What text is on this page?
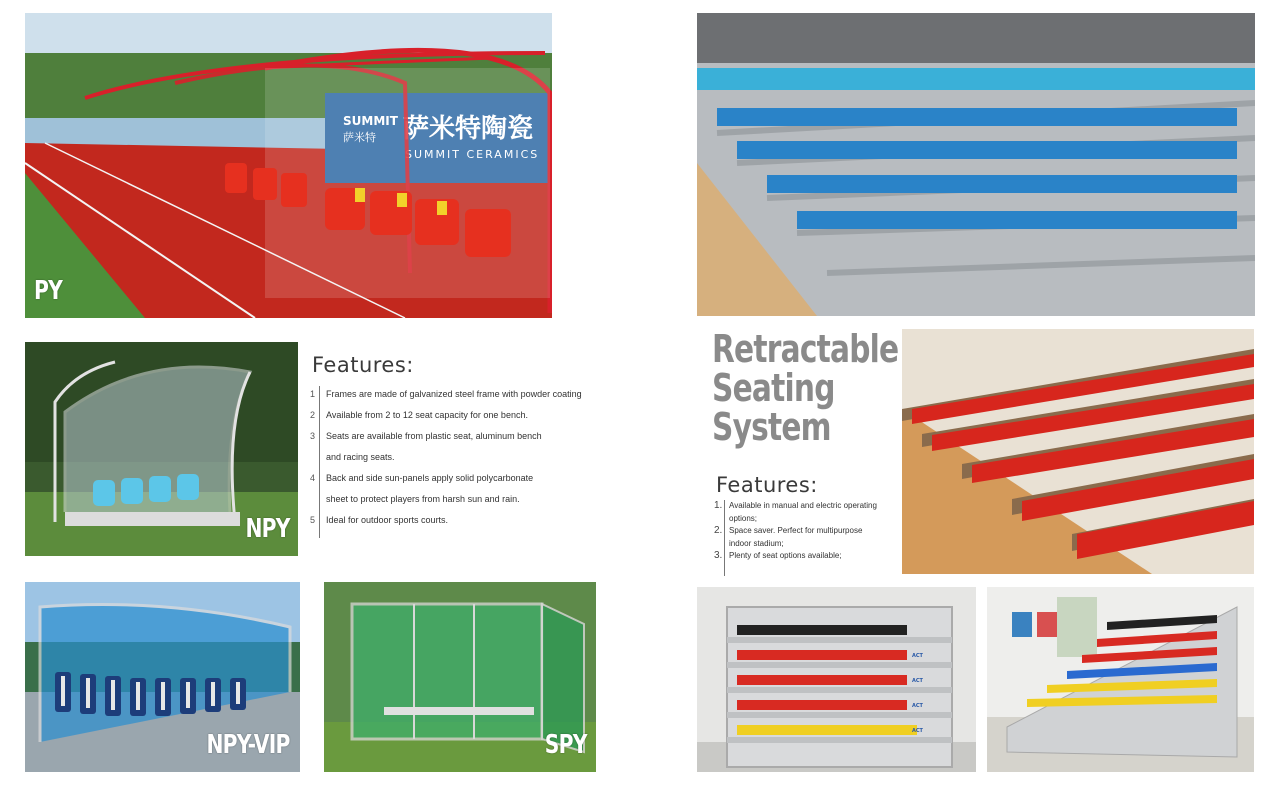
SUMMIT
萨米特 萨米特陶瓷
SUMMIT CERAMICS
PY
NPY
Features:
1 Frames are made of galvanized steel frame with powder coating
2 Available from 2 to 12 seat capacity for one bench.
3 Seats are available from plastic seat, aluminum bench
and racing seats.
4 Back and side sun-panels apply solid polycarbonate
sheet to protect players from harsh sun and rain.
5 Ideal for outdoor sports courts.
NPY-VIP	SPY
Retractable
Seating
System
Features:
1. Available in manual and electric operating
options;
2. Space saver. Perfect for multipurpose
indoor stadium;
3. Plenty of seat options available;
ACT
ACT
ACT
ACT
